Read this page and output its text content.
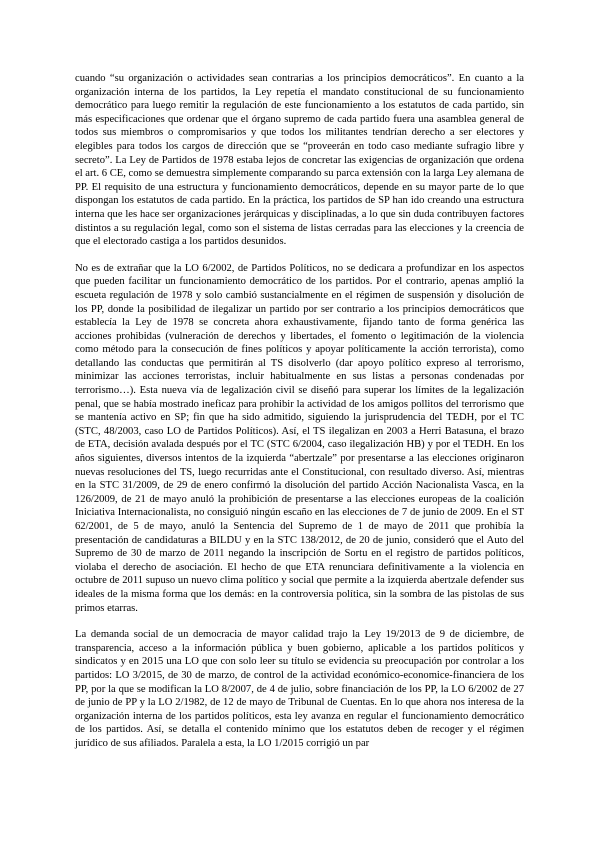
cuando “su organización o actividades sean contrarias a los principios democráticos”. En cuanto a la organización interna de los partidos, la Ley repetía el mandato constitucional de su funcionamiento democrático para luego remitir la regulación de este funcionamiento a los estatutos de cada partido, sin más especificaciones que ordenar que el órgano supremo de cada partido fuera una asamblea general de todos sus miembros o compromisarios y que todos los militantes tendrían derecho a ser electores y elegibles para todos los cargos de dirección que se “proveerán en todo caso mediante sufragio libre y secreto”. La Ley de Partidos de 1978 estaba lejos de concretar las exigencias de organización que ordena el art. 6 CE, como se demuestra simplemente comparando su parca extensión con la larga Ley alemana de PP. El requisito de una estructura y funcionamiento democráticos, depende en su mayor parte de lo que dispongan los estatutos de cada partido. En la práctica, los partidos de SP han ido creando una estructura interna que les hace ser organizaciones jerárquicas y disciplinadas, a lo que sin duda contribuyen factores distintos a su regulación legal, como son el sistema de listas cerradas para las elecciones y la creencia de que el electorado castiga a los partidos desunidos.

No es de extrañar que la LO 6/2002, de Partidos Políticos, no se dedicara a profundizar en los aspectos que pueden facilitar un funcionamiento democrático de los partidos. Por el contrario, apenas amplió la escueta regulación de 1978 y solo cambió sustancialmente en el régimen de suspensión y disolución de los PP, donde la posibilidad de ilegalizar un partido por ser contrario a los principios democráticos que establecía la Ley de 1978 se concreta ahora exhaustivamente, fijando tanto de forma genérica las acciones prohibidas (vulneración de derechos y libertades, el fomento o legitimación de la violencia como método para la consecución de fines políticos y apoyar políticamente la acción terrorista), como detallando las conductas que permitirán al TS disolverlo (dar apoyo político expreso al terrorismo, minimizar las acciones terroristas, incluir habitualmente en sus listas a personas condenadas por terrorismo…). Esta nueva vía de legalización civil se diseñó para superar los límites de la legalización penal, que se había mostrado ineficaz para prohibir la actividad de los amigos pollitos del terrorismo que se mantenía activo en SP; fin que ha sido admitido, siguiendo la jurisprudencia del TEDH, por el TC (STC, 48/2003, caso LO de Partidos Políticos). Así, el TS ilegalizan en 2003 a Herri Batasuna, el brazo de ETA, decisión avalada después por el TC (STC 6/2004, caso ilegalización HB) y por el TEDH. En los años siguientes, diversos intentos de la izquierda “abertzale” por presentarse a las elecciones originaron nuevas resoluciones del TS, luego recurridas ante el Constitucional, con resultado diverso. Así, mientras en la STC 31/2009, de 29 de enero confirmó la disolución del partido Acción Nacionalista Vasca, en la 126/2009, de 21 de mayo anuló la prohibición de presentarse a las elecciones europeas de la coalición Iniciativa Internacionalista, no consiguió ningún escaño en las elecciones de 7 de junio de 2009. En el ST 62/2001, de 5 de mayo, anuló la Sentencia del Supremo de 1 de mayo de 2011 que prohibía la presentación de candidaturas a BILDU y en la STC 138/2012, de 20 de junio, consideró que el Auto del Supremo de 30 de marzo de 2011 negando la inscripción de Sortu en el registro de partidos políticos, violaba el derecho de asociación. El hecho de que ETA renunciara definitivamente a la violencia en octubre de 2011 supuso un nuevo clima político y social que permite a la izquierda abertzale defender sus ideales de la misma forma que los demás: en la controversia política, sin la sombra de las pistolas de sus primos etarras.

La demanda social de un democracia de mayor calidad trajo la Ley 19/2013 de 9 de diciembre, de transparencia, acceso a la información pública y buen gobierno, aplicable a los partidos políticos y sindicatos y en 2015 una LO que con solo leer su título se evidencia su preocupación por controlar a los partidos: LO 3/2015, de 30 de marzo, de control de la actividad económico-economice-financiera de los PP, por la que se modifican la LO 8/2007, de 4 de julio, sobre financiación de los PP, la LO 6/2002 de 27 de junio de PP y la LO 2/1982, de 12 de mayo de Tribunal de Cuentas. En lo que ahora nos interesa de la organización interna de los partidos políticos, esta ley avanza en regular el funcionamiento democrático de los partidos. Así, se detalla el contenido mínimo que los estatutos deben de recoger y el régimen jurídico de sus afiliados. Paralela a esta, la LO 1/2015 corrigió un par
